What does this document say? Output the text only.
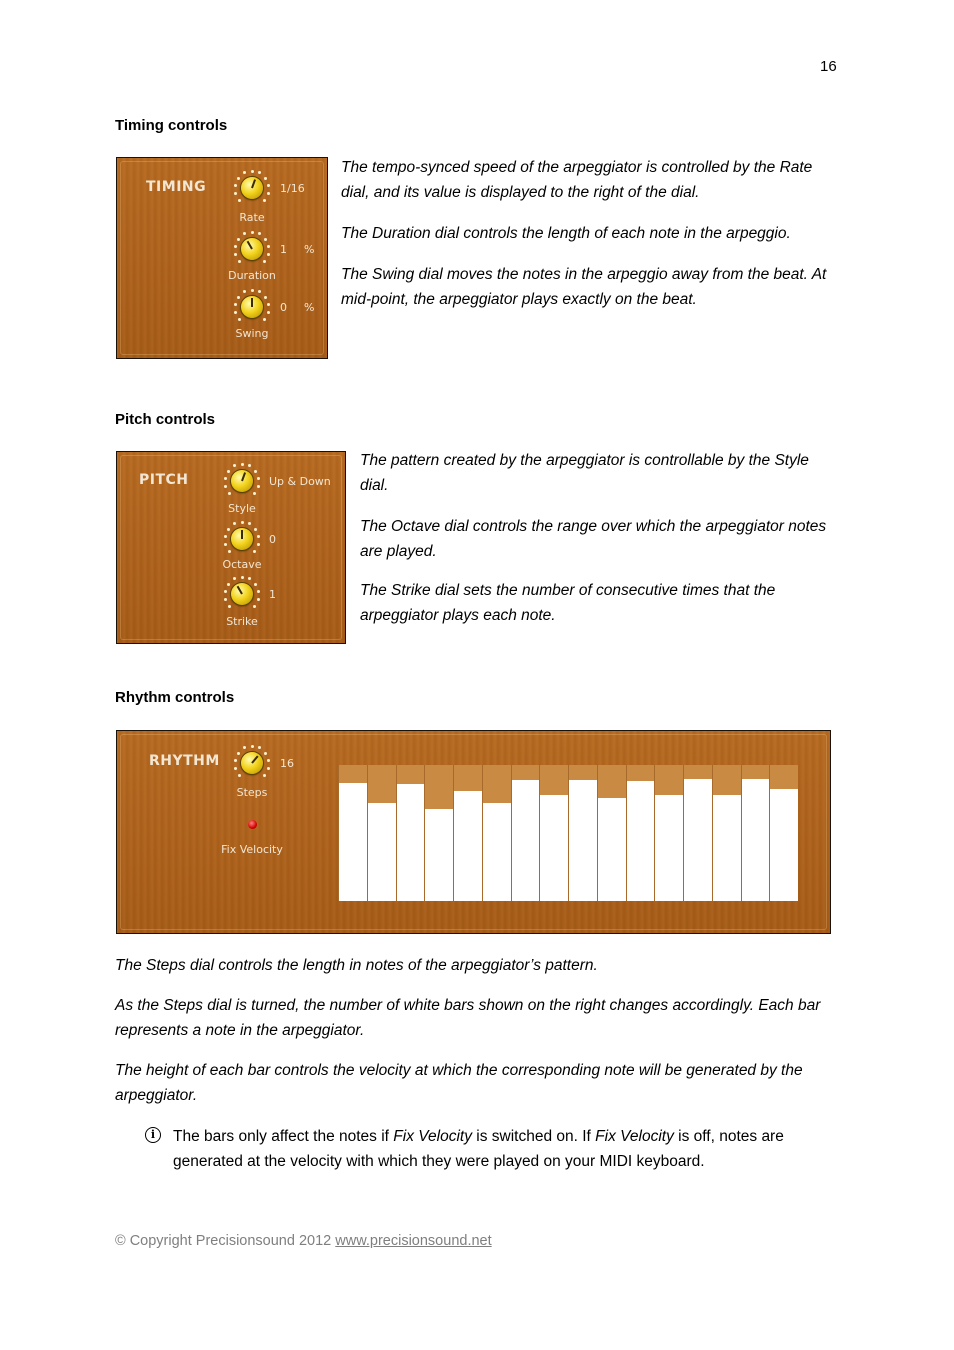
16
Timing controls
TIMING	1/16
Rate
1 %
Duration
0 %
Swing

The tempo-synced speed of the arpeggiator is controlled by the Rate dial, and its value is displayed to the right of the dial.

The Duration dial controls the length of each note in the arpeggio.

The Swing dial moves the notes in the arpeggio away from the beat. At mid-point, the arpeggiator plays exactly on the beat.

Pitch controls
PITCH	Up & Down
Style
0
Octave
1
Strike

The pattern created by the arpeggiator is controllable by the Style dial.

The Octave dial controls the range over which the arpeggiator notes are played.

The Strike dial sets the number of consecutive times that the arpeggiator plays each note.

Rhythm controls
RHYTHM	16
Steps
Fix Velocity

The Steps dial controls the length in notes of the arpeggiator’s pattern.

As the Steps dial is turned, the number of white bars shown on the right changes accordingly. Each bar represents a note in the arpeggiator.

The height of each bar controls the velocity at which the corresponding note will be generated by the arpeggiator.

i	The bars only affect the notes if Fix Velocity is switched on. If Fix Velocity is off, notes are generated at the velocity with which they were played on your MIDI keyboard.

© Copyright Precisionsound 2012 www.precisionsound.net
